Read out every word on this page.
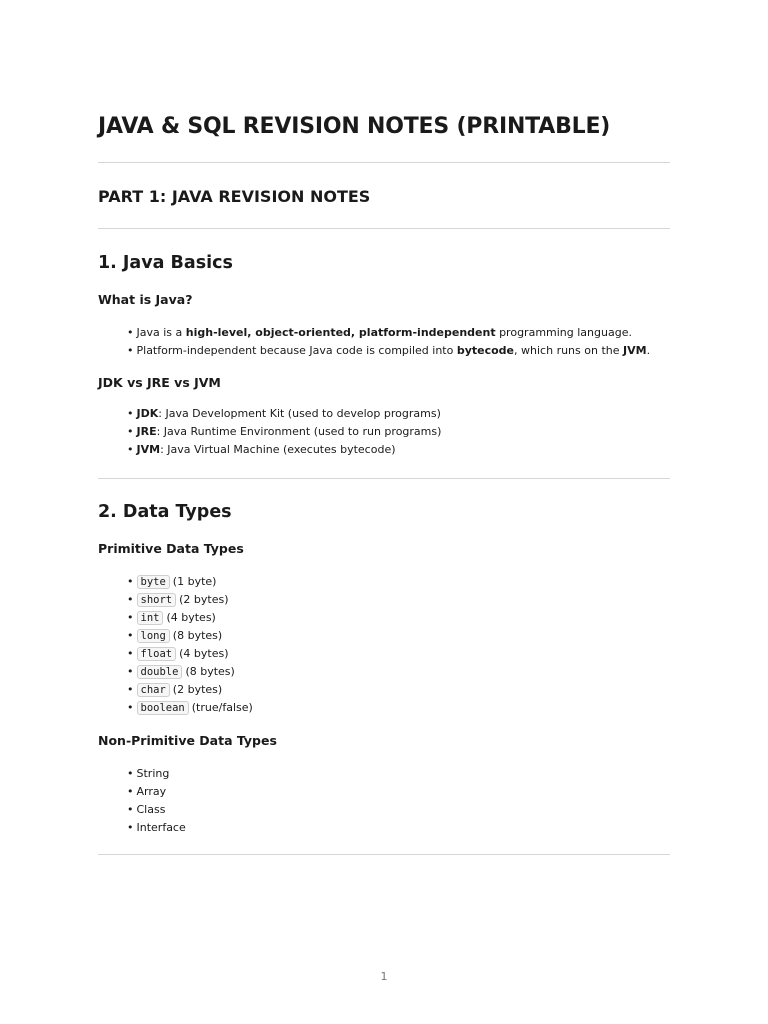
JAVA & SQL REVISION NOTES (PRINTABLE)
PART 1: JAVA REVISION NOTES
1. Java Basics
What is Java?
• Java is a high-level, object-oriented, platform-independent programming language.
• Platform-independent because Java code is compiled into bytecode, which runs on the JVM.
JDK vs JRE vs JVM
• JDK: Java Development Kit (used to develop programs)
• JRE: Java Runtime Environment (used to run programs)
• JVM: Java Virtual Machine (executes bytecode)
2. Data Types
Primitive Data Types
• byte (1 byte)
• short (2 bytes)
• int (4 bytes)
• long (8 bytes)
• float (4 bytes)
• double (8 bytes)
• char (2 bytes)
• boolean (true/false)
Non-Primitive Data Types
• String
• Array
• Class
• Interface
1
